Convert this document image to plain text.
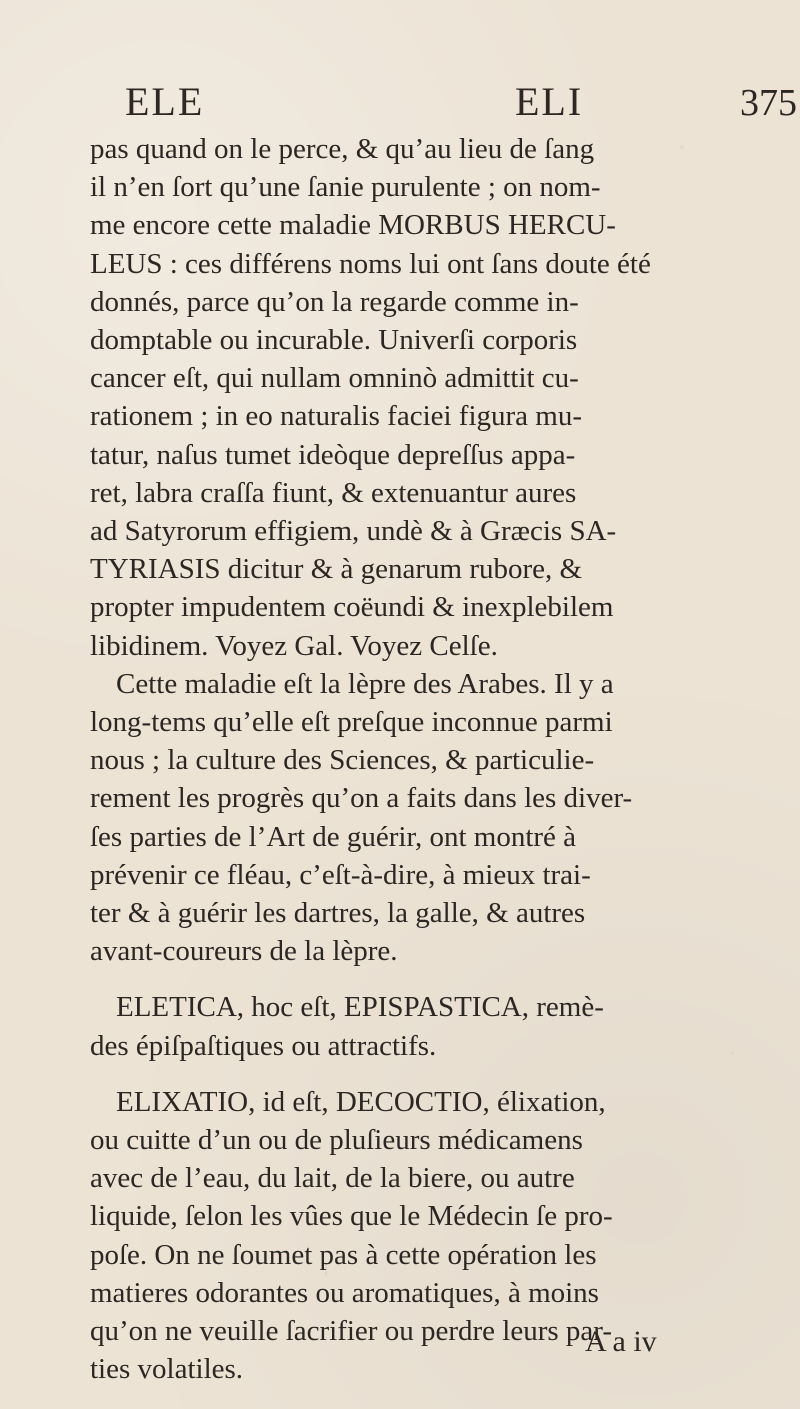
ELE	ELI	375
pas quand on le perce, & qu’au lieu de ſang
il n’en ſort qu’une ſanie purulente ; on nom-
me encore cette maladie MORBUS HERCU-
LEUS : ces différens noms lui ont ſans doute été
donnés, parce qu’on la regarde comme in-
domptable ou incurable. Univerſi corporis
cancer eſt, qui nullam omninò admittit cu-
rationem ; in eo naturalis faciei figura mu-
tatur, naſus tumet ideòque depreſſus appa-
ret, labra craſſa fiunt, & extenuantur aures
ad Satyrorum effigiem, undè & à Græcis SA-
TYRIASIS dicitur & à genarum rubore, &
propter impudentem coëundi & inexplebilem
libidinem. Voyez Gal. Voyez Celſe.
Cette maladie eſt la lèpre des Arabes. Il y a
long-tems qu’elle eſt preſque inconnue parmi
nous ; la culture des Sciences, & particulie-
rement les progrès qu’on a faits dans les diver-
ſes parties de l’Art de guérir, ont montré à
prévenir ce fléau, c’eſt-à-dire, à mieux trai-
ter & à guérir les dartres, la galle, & autres
avant-coureurs de la lèpre.
ELETICA, hoc eſt, EPISPASTICA, remè-
des épiſpaſtiques ou attractifs.
ELIXATIO, id eſt, DECOCTIO, élixation,
ou cuitte d’un ou de pluſieurs médicamens
avec de l’eau, du lait, de la biere, ou autre
liquide, ſelon les vûes que le Médecin ſe pro-
poſe. On ne ſoumet pas à cette opération les
matieres odorantes ou aromatiques, à moins
qu’on ne veuille ſacrifier ou perdre leurs par-
ties volatiles.
A a iv
